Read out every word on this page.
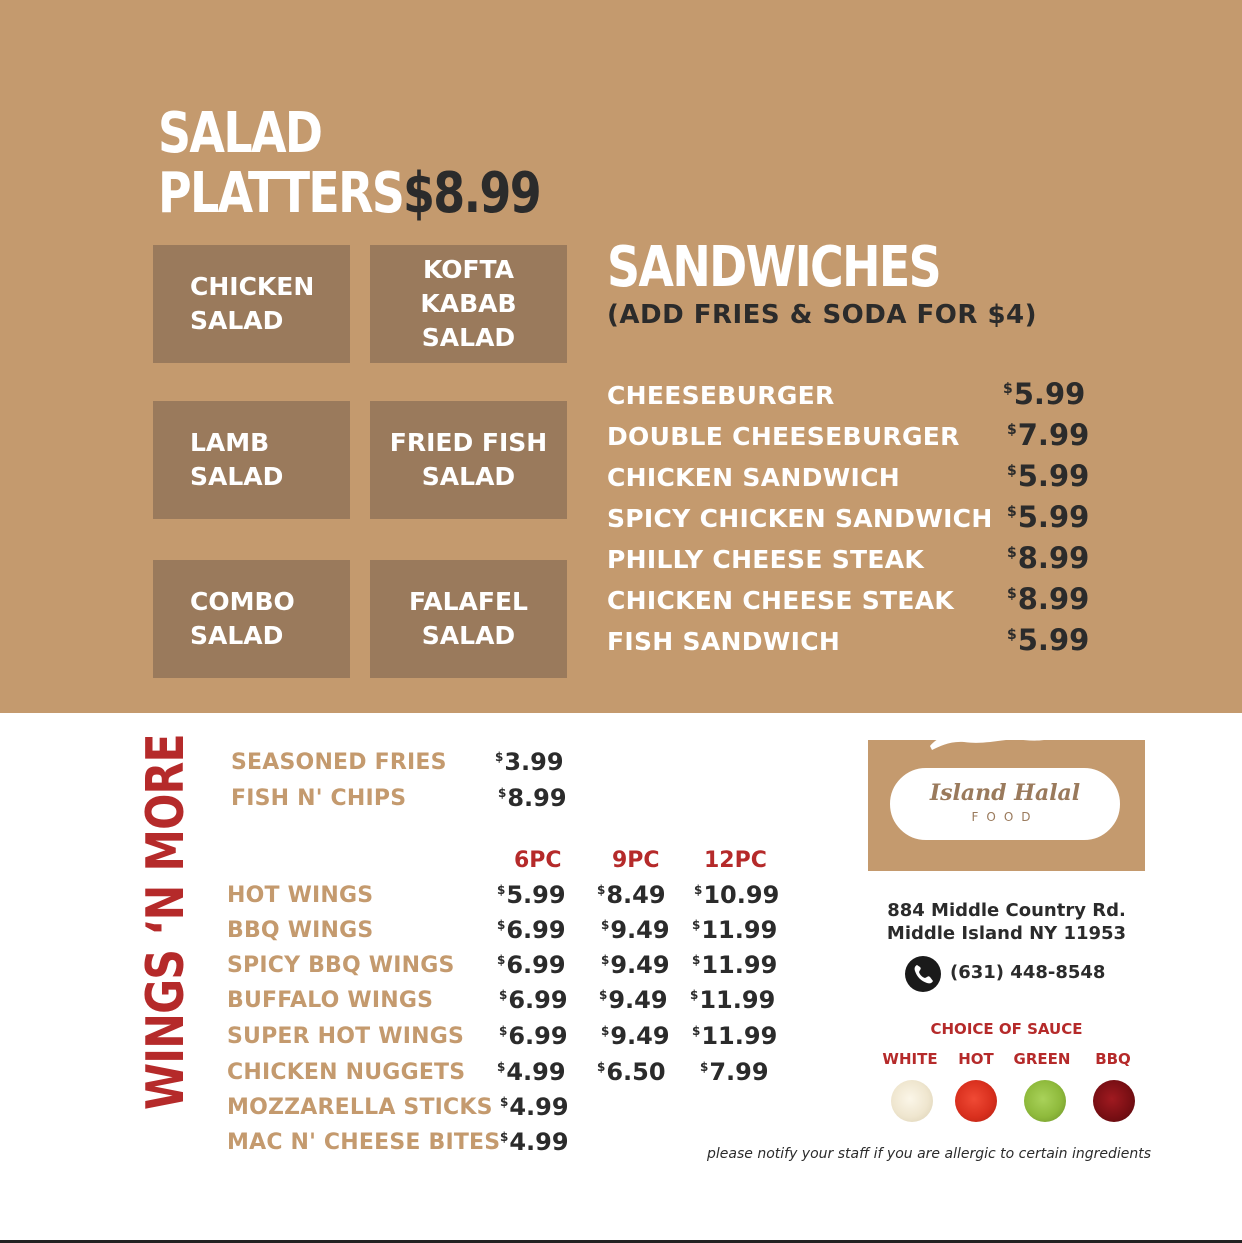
SALAD
PLATTERS $8.99
CHICKEN
SALAD
KOFTA
KABAB
SALAD
LAMB
SALAD
FRIED FISH
SALAD
COMBO
SALAD
FALAFEL
SALAD
SANDWICHES
(ADD FRIES & SODA FOR $4)
CHEESEBURGER	$5.99
DOUBLE CHEESEBURGER	$7.99
CHICKEN SANDWICH	$5.99
SPICY CHICKEN SANDWICH $5.99
PHILLY CHEESE STEAK	$8.99
CHICKEN CHEESE STEAK	$8.99
FISH SANDWICH	$5.99
WINGS ‘N MORE SEASONED FRIES	$3.99
FISH N' CHIPS	$8.99
6PC 9PC 12PC
HOT WINGS	$5.99	$8.49 $10.99
BBQ WINGS	$6.99	$9.49 $11.99
SPICY BBQ WINGS	$6.99	$9.49 $11.99
BUFFALO WINGS	$6.99	$9.49 $11.99
SUPER HOT WINGS	$6.99	$9.49 $11.99
CHICKEN NUGGETS	$4.99	$6.50	$7.99
MOZZARELLA STICKS $4.99
MAC N' CHEESE BITES $4.99
Island Halal
FOOD
884 Middle Country Rd.
Middle Island NY 11953
(631) 448-8548
CHOICE OF SAUCE
WHITE	HOT	GREEN	BBQ
please notify your staff if you are allergic to certain ingredients
